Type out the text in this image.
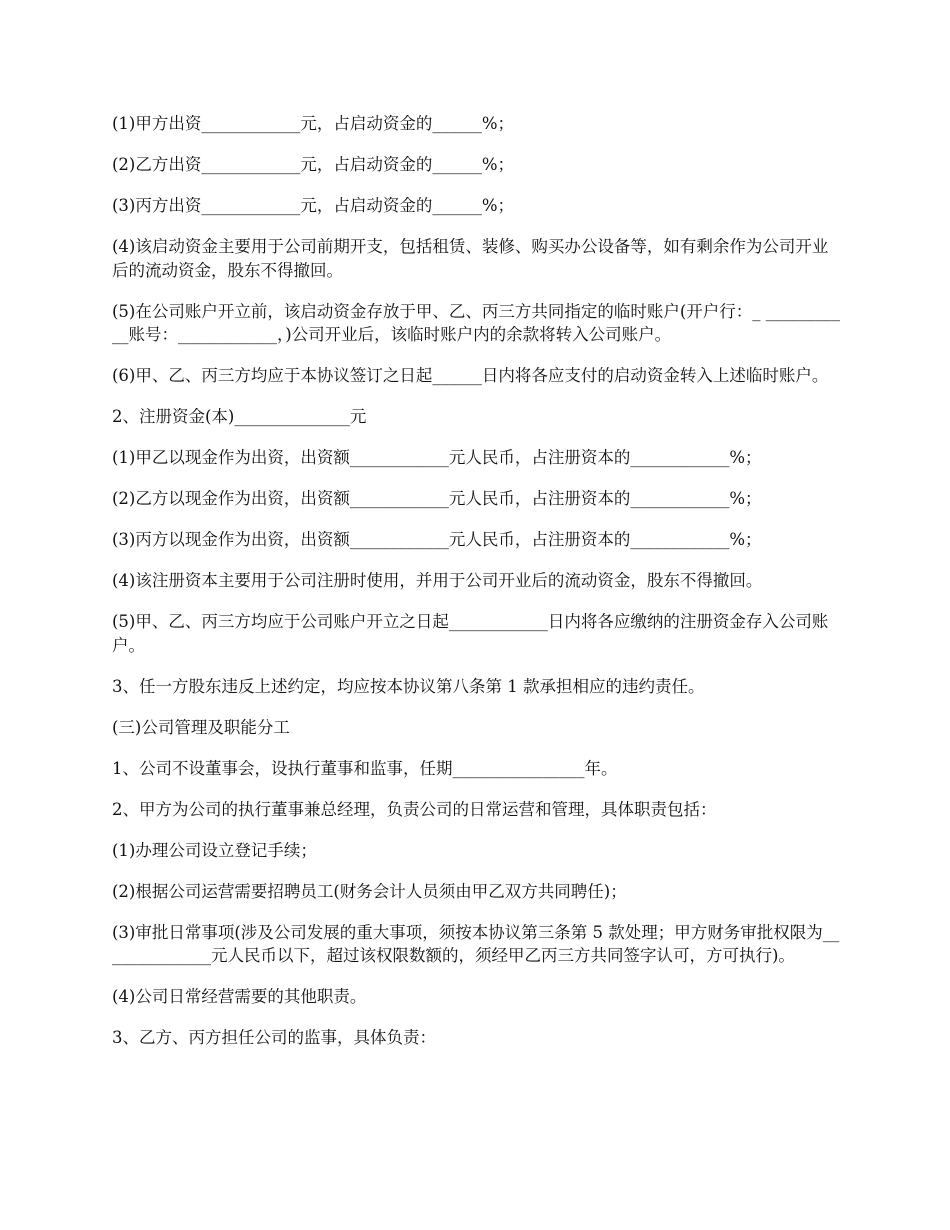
(1)甲方出资____________元，占启动资金的______%；

(2)乙方出资____________元，占启动资金的______%；

(3)丙方出资____________元，占启动资金的______%；

(4)该启动资金主要用于公司前期开支，包括租赁、装修、购买办公设备等，如有剩余作为公司开业后的流动资金，股东不得撤回。

(5)在公司账户开立前，该启动资金存放于甲、乙、丙三方共同指定的临时账户(开户行：_ ___________账号：____________，)公司开业后，该临时账户内的余款将转入公司账户。

(6)甲、乙、丙三方均应于本协议签订之日起______日内将各应支付的启动资金转入上述临时账户。

2、注册资金(本)______________元

(1)甲乙以现金作为出资，出资额____________元人民币，占注册资本的____________%；

(2)乙方以现金作为出资，出资额____________元人民币，占注册资本的____________%；

(3)丙方以现金作为出资，出资额____________元人民币，占注册资本的____________%；

(4)该注册资本主要用于公司注册时使用，并用于公司开业后的流动资金，股东不得撤回。

(5)甲、乙、丙三方均应于公司账户开立之日起____________日内将各应缴纳的注册资金存入公司账户。

3、任一方股东违反上述约定，均应按本协议第八条第 1 款承担相应的违约责任。

(三)公司管理及职能分工

1、公司不设董事会，设执行董事和监事，任期________________年。

2、甲方为公司的执行董事兼总经理，负责公司的日常运营和管理，具体职责包括：

(1)办理公司设立登记手续；

(2)根据公司运营需要招聘员工(财务会计人员须由甲乙双方共同聘任)；

(3)审批日常事项(涉及公司发展的重大事项，须按本协议第三条第 5 款处理；甲方财务审批权限为______________元人民币以下，超过该权限数额的，须经甲乙丙三方共同签字认可，方可执行)。

(4)公司日常经营需要的其他职责。

3、乙方、丙方担任公司的监事，具体负责：
